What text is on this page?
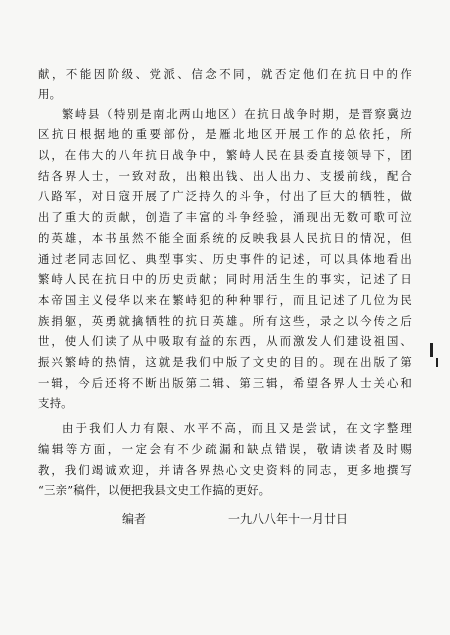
献，不能因阶级、党派、信念不同，就否定他们在抗日中的作
用。
繁峙县（特别是南北两山地区）在抗日战争时期，是晋察冀边
区抗日根据地的重要部份，是雁北地区开展工作的总依托，所
以，在伟大的八年抗日战争中，繁峙人民在县委直接领导下，团
结各界人士，一致对敌，出粮出钱、出人出力、支援前线，配合
八路军，对日寇开展了广泛持久的斗争，付出了巨大的牺牲，做
出了重大的贡献，创造了丰富的斗争经验，涌现出无数可歌可泣
的英雄，本书虽然不能全面系统的反映我县人民抗日的情况，但
通过老同志回忆、典型事实、历史事件的记述，可以具体地看出
繁峙人民在抗日中的历史贡献；同时用活生生的事实，记述了日
本帝国主义侵华以来在繁峙犯的种种罪行，而且记述了几位为民
族捐躯，英勇就擒牺牲的抗日英雄。所有这些，录之以今传之后
世，使人们读了从中吸取有益的东西，从而激发人们建设祖国、
振兴繁峙的热情，这就是我们中版了文史的目的。现在出版了第
一辑，今后还将不断出版第二辑、第三辑，希望各界人士关心和
支持。
由于我们人力有限、水平不高，而且又是尝试，在文字整理
编辑等方面，一定会有不少疏漏和缺点错误，敬请读者及时赐
教，我们竭诚欢迎，并请各界热心文史资料的同志，更多地撰写
“三亲”稿件，以便把我县文史工作搞的更好。
编者	一九八八年十一月廿日
